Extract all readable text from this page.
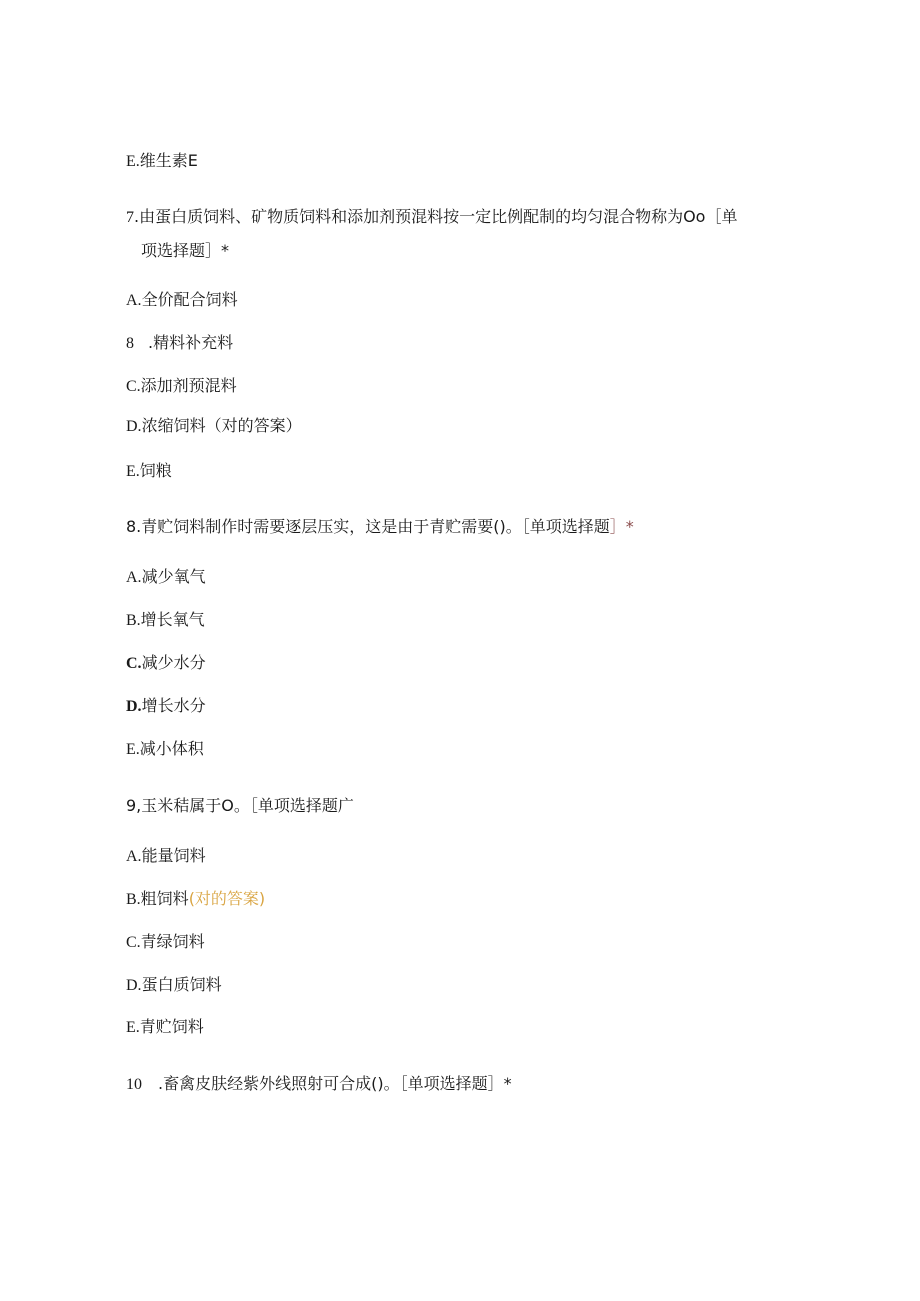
E.维生素E
7.由蛋白质饲料、矿物质饲料和添加剂预混料按一定比例配制的均匀混合物称为Oo［单
项选择题］*
A.全价配合饲料
8 .精料补充料
C.添加剂预混料
D.浓缩饲料（对的答案）
E.饲粮
8.青贮饲料制作时需要逐层压实，这是由于青贮需要()。［单项选择题］*
A.减少氧气
B.增长氧气
C.减少水分
D.增长水分
E.减小体积
9,玉米秸属于O。［单项选择题广
A.能量饲料
B.粗饲料(对的答案)
C.青绿饲料
D.蛋白质饲料
E.青贮饲料
10 .畜禽皮肤经紫外线照射可合成()。［单项选择题］*
